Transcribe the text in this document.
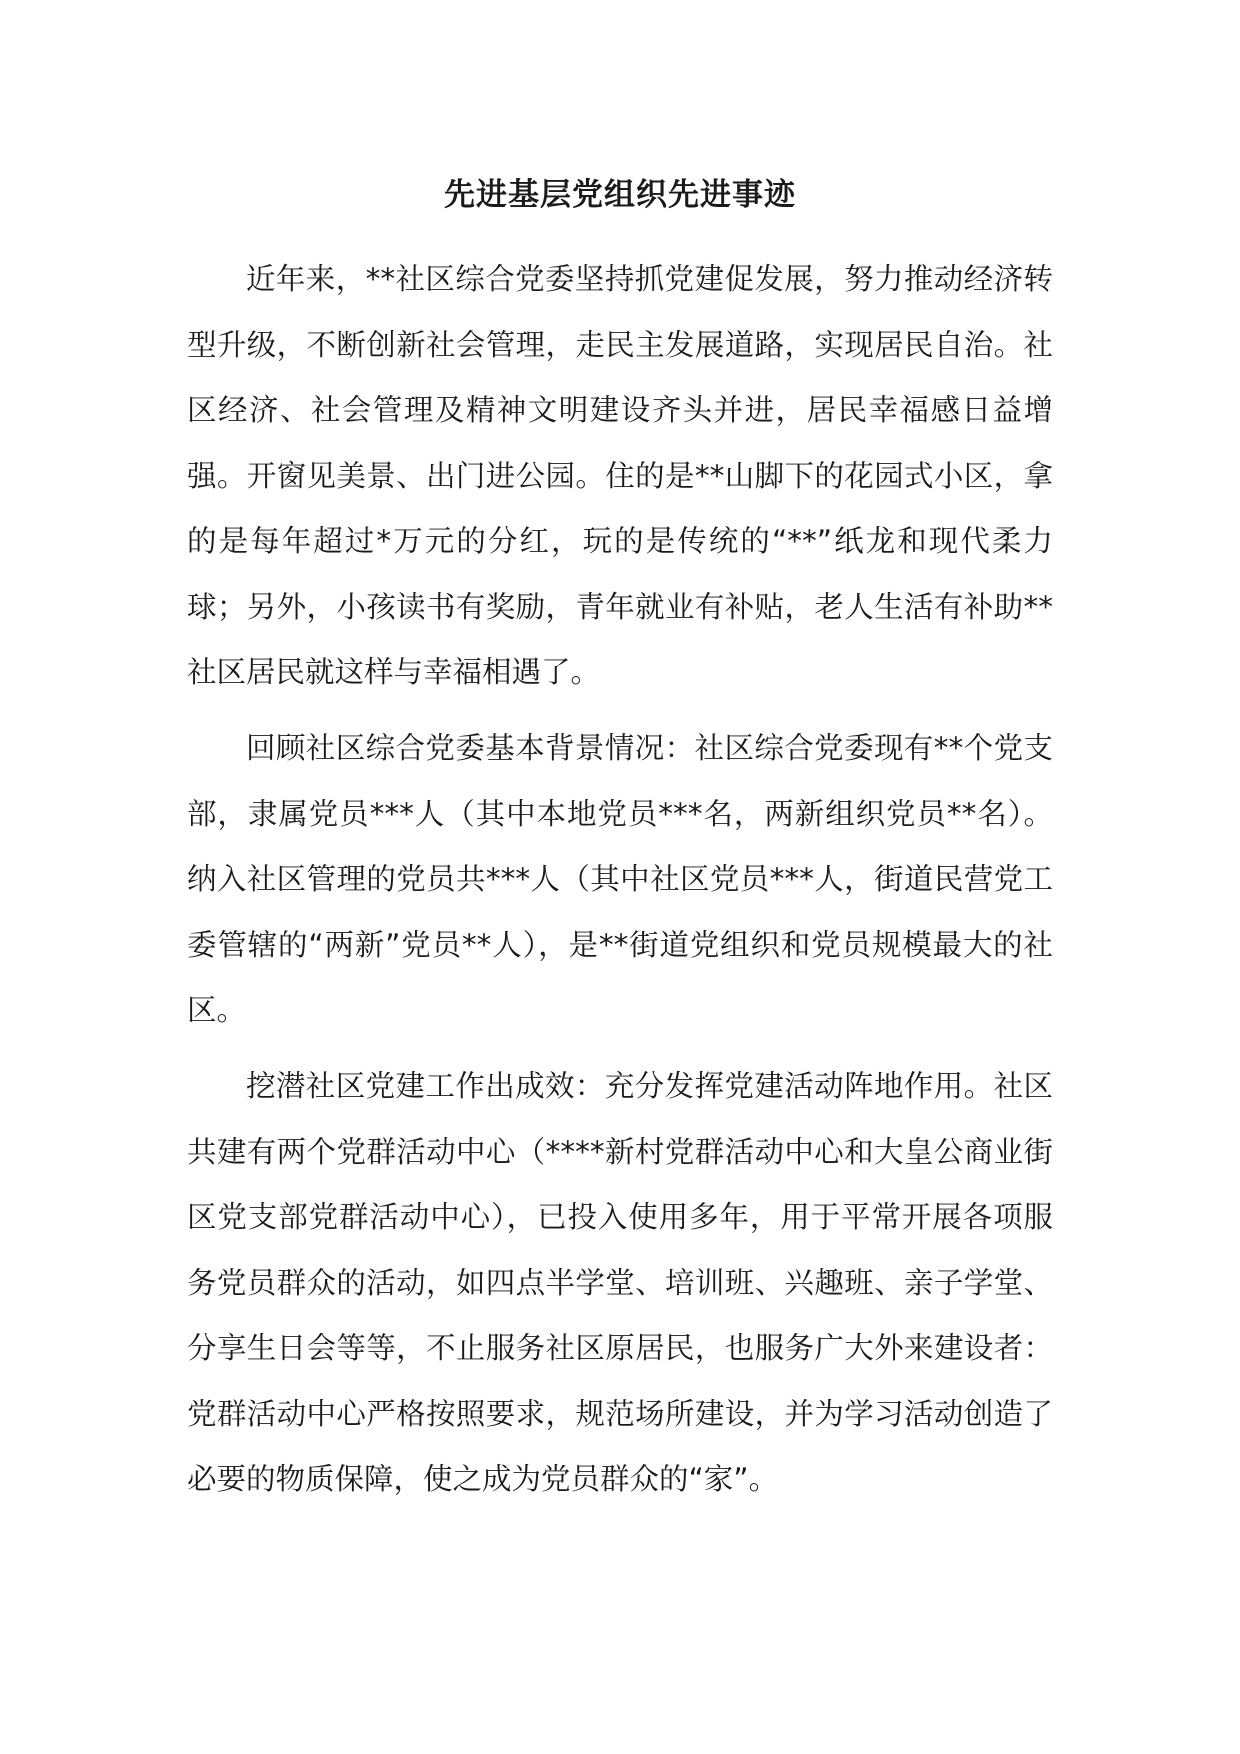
先进基层党组织先进事迹

近年来，**社区综合党委坚持抓党建促发展，努力推动经济转型升级，不断创新社会管理，走民主发展道路，实现居民自治。社区经济、社会管理及精神文明建设齐头并进，居民幸福感日益增强。开窗见美景、出门进公园。住的是**山脚下的花园式小区，拿的是每年超过*万元的分红，玩的是传统的“**”纸龙和现代柔力球；另外，小孩读书有奖励，青年就业有补贴，老人生活有补助**社区居民就这样与幸福相遇了。

回顾社区综合党委基本背景情况：社区综合党委现有**个党支部，隶属党员***人（其中本地党员***名，两新组织党员**名）。纳入社区管理的党员共***人（其中社区党员***人，街道民营党工委管辖的“两新”党员**人），是**街道党组织和党员规模最大的社区。

挖潜社区党建工作出成效：充分发挥党建活动阵地作用。社区共建有两个党群活动中心（****新村党群活动中心和大皇公商业街区党支部党群活动中心），已投入使用多年，用于平常开展各项服务党员群众的活动，如四点半学堂、培训班、兴趣班、亲子学堂、分享生日会等等，不止服务社区原居民，也服务广大外来建设者：党群活动中心严格按照要求，规范场所建设，并为学习活动创造了必要的物质保障，使之成为党员群众的“家”。
